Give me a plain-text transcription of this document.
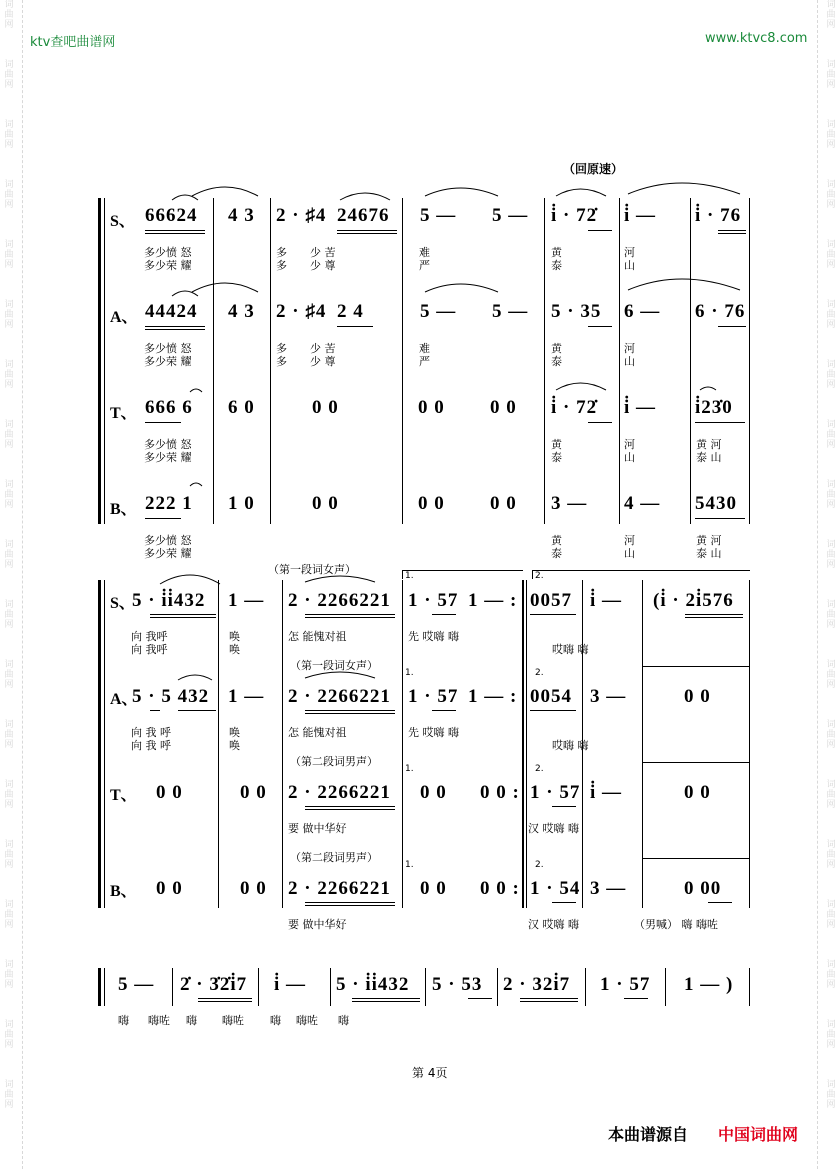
词
曲
网
词
曲
网
词
曲
网
词
曲
网
词
曲
网
词
曲
网
词
曲
网
词
曲
网
词
曲
网
词
曲
网
词
曲
网
词
曲
网
词
曲
网
词
曲
网
词
曲
网
词
曲
网
词
曲
网
词
曲
网
词
曲
网
词
曲
网
词
曲
网
词
曲
网
词
曲
网
词
曲
网
词
曲
网
词
曲
网
词
曲
网
词
曲
网
词
曲
网
词
曲
网
词
曲
网
词
曲
网
词
曲
网
词
曲
网
词
曲
网
词
曲
网
词
曲
网
词
曲
网
ktv查吧曲谱网	www.ktvc8.com
（回原速）
S、
A、
T、
B、
66624 4 3 2 · ♯4 24676 5 — 5 — i̇ · 72̇ i̇ — i̇ · 76
多少愤 怒
多少荣 耀
多
多
少 苦
少 尊
难
严
黄
泰
河
山
44424 4 3 2 · ♯4 2 4	5 — 5 — 5 · 35 6 — 6 · 76
多少愤 怒
多少荣 耀
多
多
少 苦
少 尊
难
严
黄
泰
河
山
666 6 6 0	0 0	0 0 0 0 i̇ · 72̇ i̇ — i̇23̇0
多少愤 怒
多少荣 耀
黄
泰
河
山
黄 河
泰 山
222 1 1 0	0 0	0 0 0 0 3 — 4 — 5430
多少愤 怒
多少荣 耀
黄
泰
河
山
黄 河
泰 山
1.	2.
1.	2.
1.	2.
1.	2.
（第一段词女声）
（第一段词女声）
（第二段词男声）
（第二段词男声）
S、
A、
T、
B、
5 · i̇i̇432 1 — 2 · 2266221 1 · 57 1 — : 0057 i̇ — (i̇ · 2i̇576
向 我呼
向 我呼
唤
唤
怎 能愧对祖	先 哎嗨 嗨
哎嗨 嗨
5 · 5 432 1 — 2 · 2266221 1 · 57 1 — : 0054 3 —	0 0
向 我 呼
向 我 呼
唤
唤
怎 能愧对祖	先 哎嗨 嗨
哎嗨 嗨
0 0	0 0 2 · 2266221 0 0 0 0 : 1 · 57 i̇ —	0 0
要 做中华好	汉 哎嗨 嗨
0 0	0 0 2 · 2266221 0 0 0 0 : 1 · 54 3 —	0 00
要 做中华好	汉 哎嗨 嗨	（男喊） 嗨 嗨咗
5 — 2̇ · 3̇2̇i̇7 i̇ — 5 · i̇i̇432 5 · 53 2 · 32i̇7 1 · 57 1 — )
嗨 嗨咗 嗨 嗨咗 嗨 嗨咗 嗨
第 4页
本曲谱源自 中国词曲网
